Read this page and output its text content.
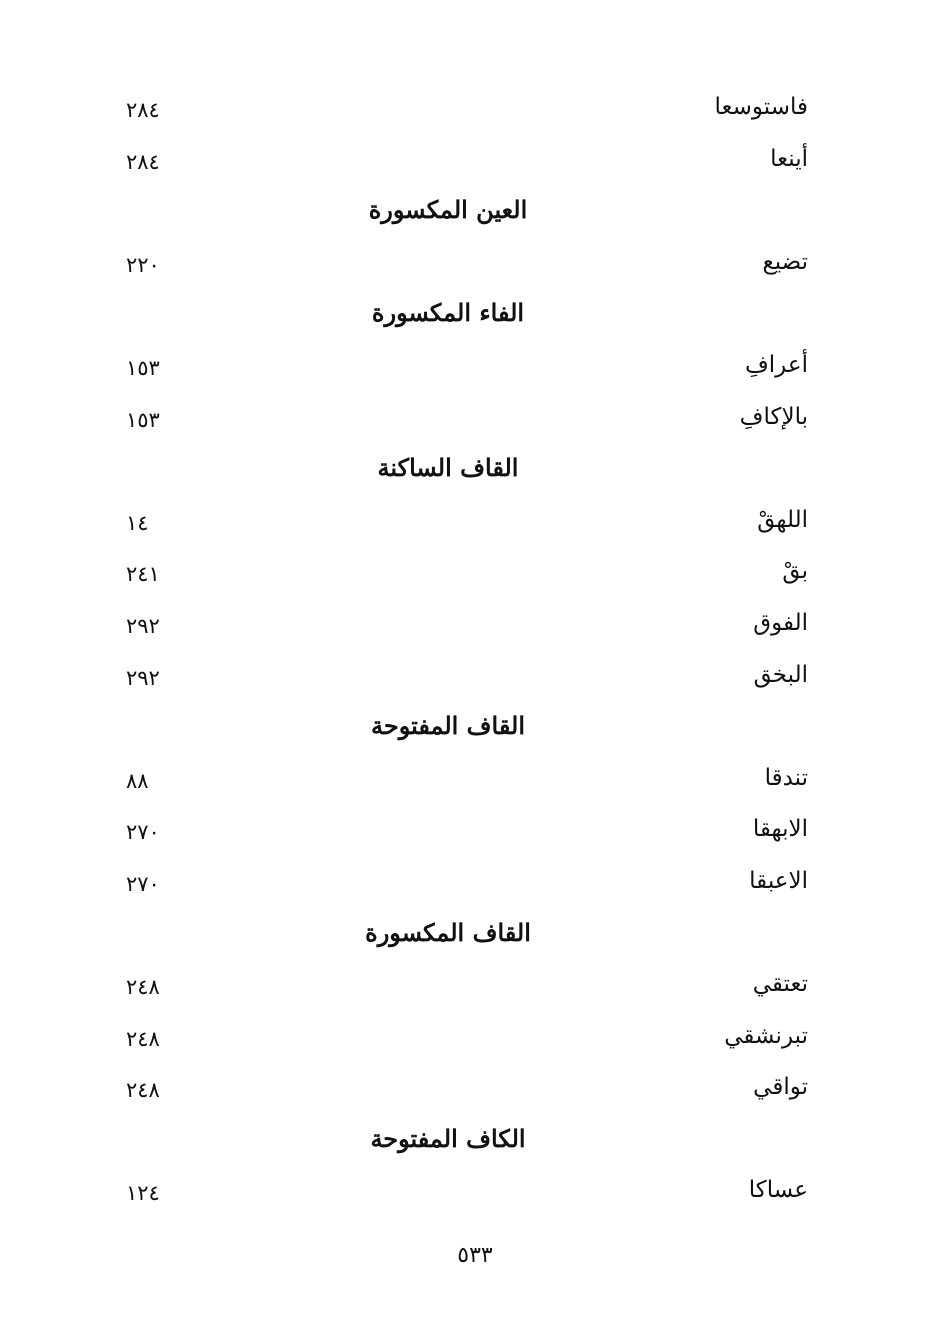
فاستوسعا
٢٨٤
أينعا
٢٨٤
العين المكسورة
تضيع
٢٢٠
الفاء المكسورة
أعرافِ
١٥٣
بالإكافِ
١٥٣
القاف الساكنة
اللهقْ
١٤
بقْ
٢٤١
الفوق
٢٩٢
البخق
٢٩٢
القاف المفتوحة
تندقا
٨٨
الابهقا
٢٧٠
الاعبقا
٢٧٠
القاف المكسورة
تعتقي
٢٤٨
تبرنشقي
٢٤٨
تواقي
٢٤٨
الكاف المفتوحة
عساكا
١٢٤
٥٣٣
